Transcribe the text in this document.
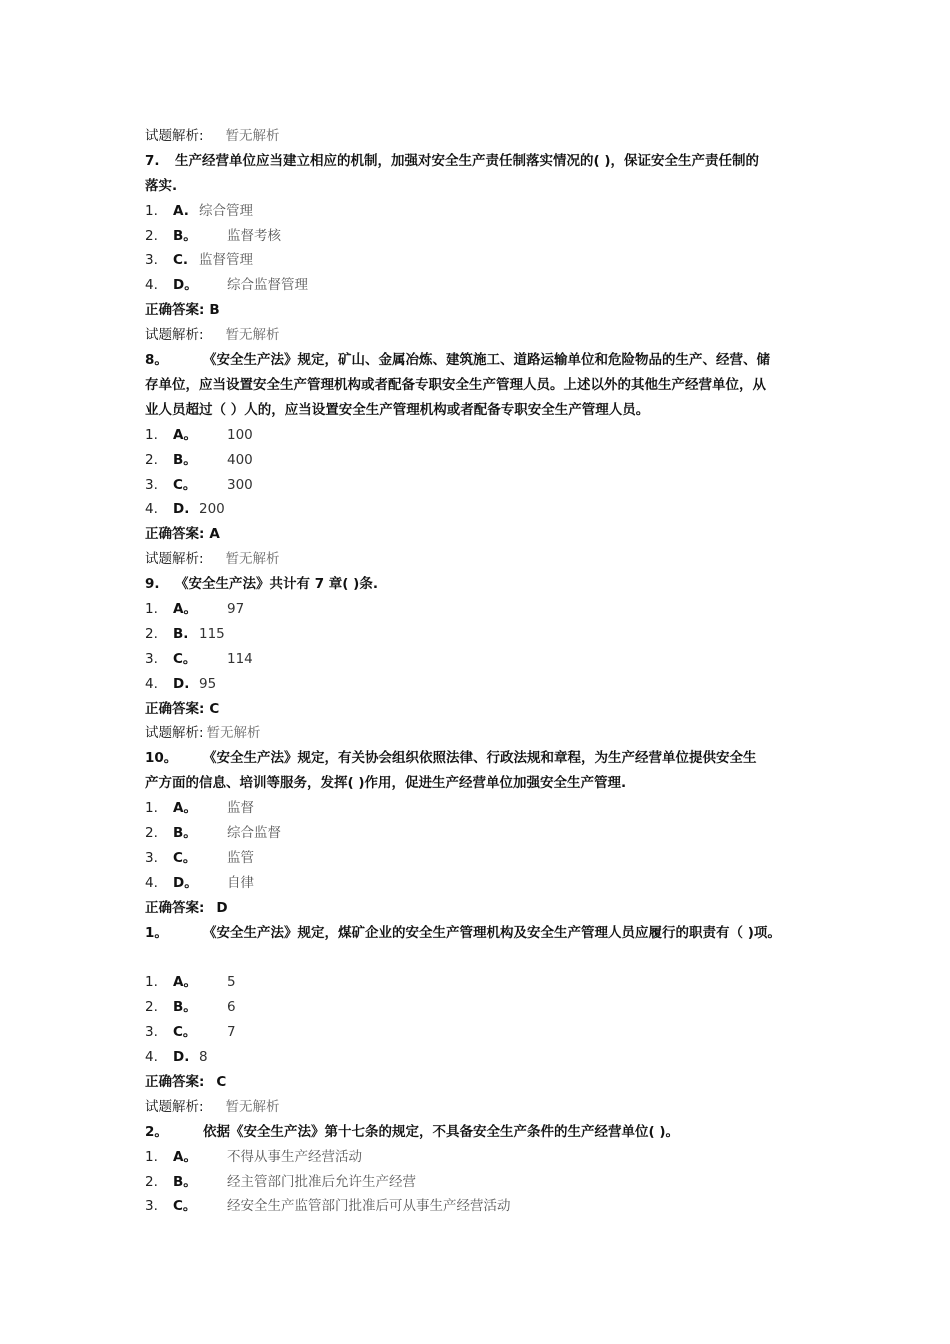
试题解析: 暂无解析
7. 生产经营单位应当建立相应的机制，加强对安全生产责任制落实情况的( )，保证安全生产责任制的
落实.
1. A. 综合管理
2. B。 监督考核
3. C. 监督管理
4. D。 综合监督管理
正确答案: B
试题解析: 暂无解析
8。	《安全生产法》规定，矿山、金属冶炼、建筑施工、道路运输单位和危险物品的生产、经营、储
存单位，应当设置安全生产管理机构或者配备专职安全生产管理人员。上述以外的其他生产经营单位，从
业人员超过（ ）人的，应当设置安全生产管理机构或者配备专职安全生产管理人员。
1. A。 100
2. B。 400
3. C。 300
4. D. 200
正确答案: A
试题解析: 暂无解析
9. 《安全生产法》共计有 7 章( )条.
1. A。 97
2. B. 115
3. C。 114
4. D. 95
正确答案: C
试题解析: 暂无解析
10。 《安全生产法》规定，有关协会组织依照法律、行政法规和章程，为生产经营单位提供安全生
产方面的信息、培训等服务，发挥( )作用，促进生产经营单位加强安全生产管理.
1. A。 监督
2. B。 综合监督
3. C。 监管
4. D。 自律
正确答案: D
1。	《安全生产法》规定，煤矿企业的安全生产管理机构及安全生产管理人员应履行的职责有（ )项。
1. A。 5
2. B。 6
3. C。 7
4. D. 8
正确答案: C
试题解析: 暂无解析
2。	依据《安全生产法》第十七条的规定，不具备安全生产条件的生产经营单位( )。
1. A。 不得从事生产经营活动
2. B。 经主管部门批准后允许生产经营
3. C。 经安全生产监管部门批准后可从事生产经营活动
